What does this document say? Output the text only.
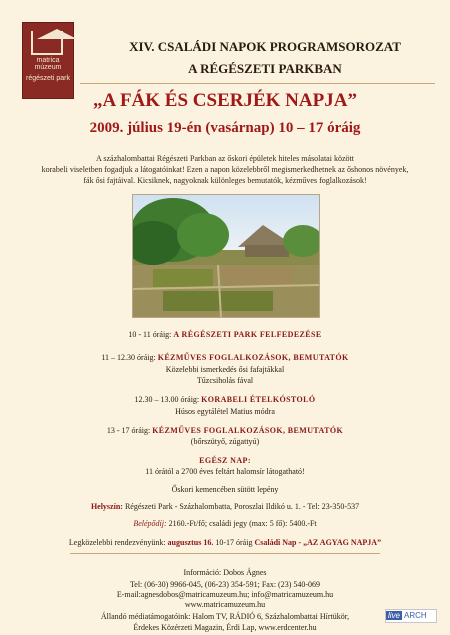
matrica múzeum
régészeti park
XIV. CSALÁDI NAPOK PROGRAMSOROZAT
A RÉGÉSZETI PARKBAN
„A FÁK ÉS CSERJÉK NAPJA”
2009. július 19-én (vasárnap) 10 – 17 óráig
A százhalombattai Régészeti Parkban az őskori épületek hiteles másolatai között
korabeli viseletben fogadjuk a látogatóinkat! Ezen a napon közelebbről megismerkedhetnek az őshonos növények,
fák ősi fajtáival. Kicsiknek, nagyoknak különleges bemutatók, kézműves foglalkozások!
10 - 11 óráig: A RÉGÉSZETI PARK FELFEDEZÉSE
11 – 12.30 óráig: KÉZMŰVES FOGLALKOZÁSOK, BEMUTATÓK
Közelebbi ismerkedés ősi fafajtákkal
Tűzcsiholás fával
12.30 – 13.00 óráig: KORABELI ÉTELKÓSTOLÓ
Húsos egytálétel Matius módra
13 - 17 óráig: KÉZMŰVES FOGLALKOZÁSOK, BEMUTATÓK
(bőrszütyő, zúgattyú)
EGÉSZ NAP:
11 órától a 2700 éves feltárt halomsír látogatható!
Őskori kemencében sütött lepény
Helyszín: Régészeti Park - Százhalombatta, Poroszlai Ildikó u. 1. - Tel: 23-350-537
Belépődíj: 2160.-Ft/fő; családi jegy (max: 5 fő): 5400.-Ft
Legközelebbi rendezvényünk: augusztus 16. 10-17 óráig Családi Nap - „AZ AGYAG NAPJA”
Információ: Dobos Ágnes
Tel: (06-30) 9966-045, (06-23) 354-591; Fax: (23) 540-069
E-mail:agnesdobos@matricamuzeum.hu; info@matricamuzeum.hu
www.matricamuzeum.hu
Állandó médiatámogatóink: Halom TV, RÁDIÓ 6, Százhalombattai Hírtükör,
Érdekes Közérzeti Magazin, Érdi Lap, www.erdcenter.hu
live ARCH
